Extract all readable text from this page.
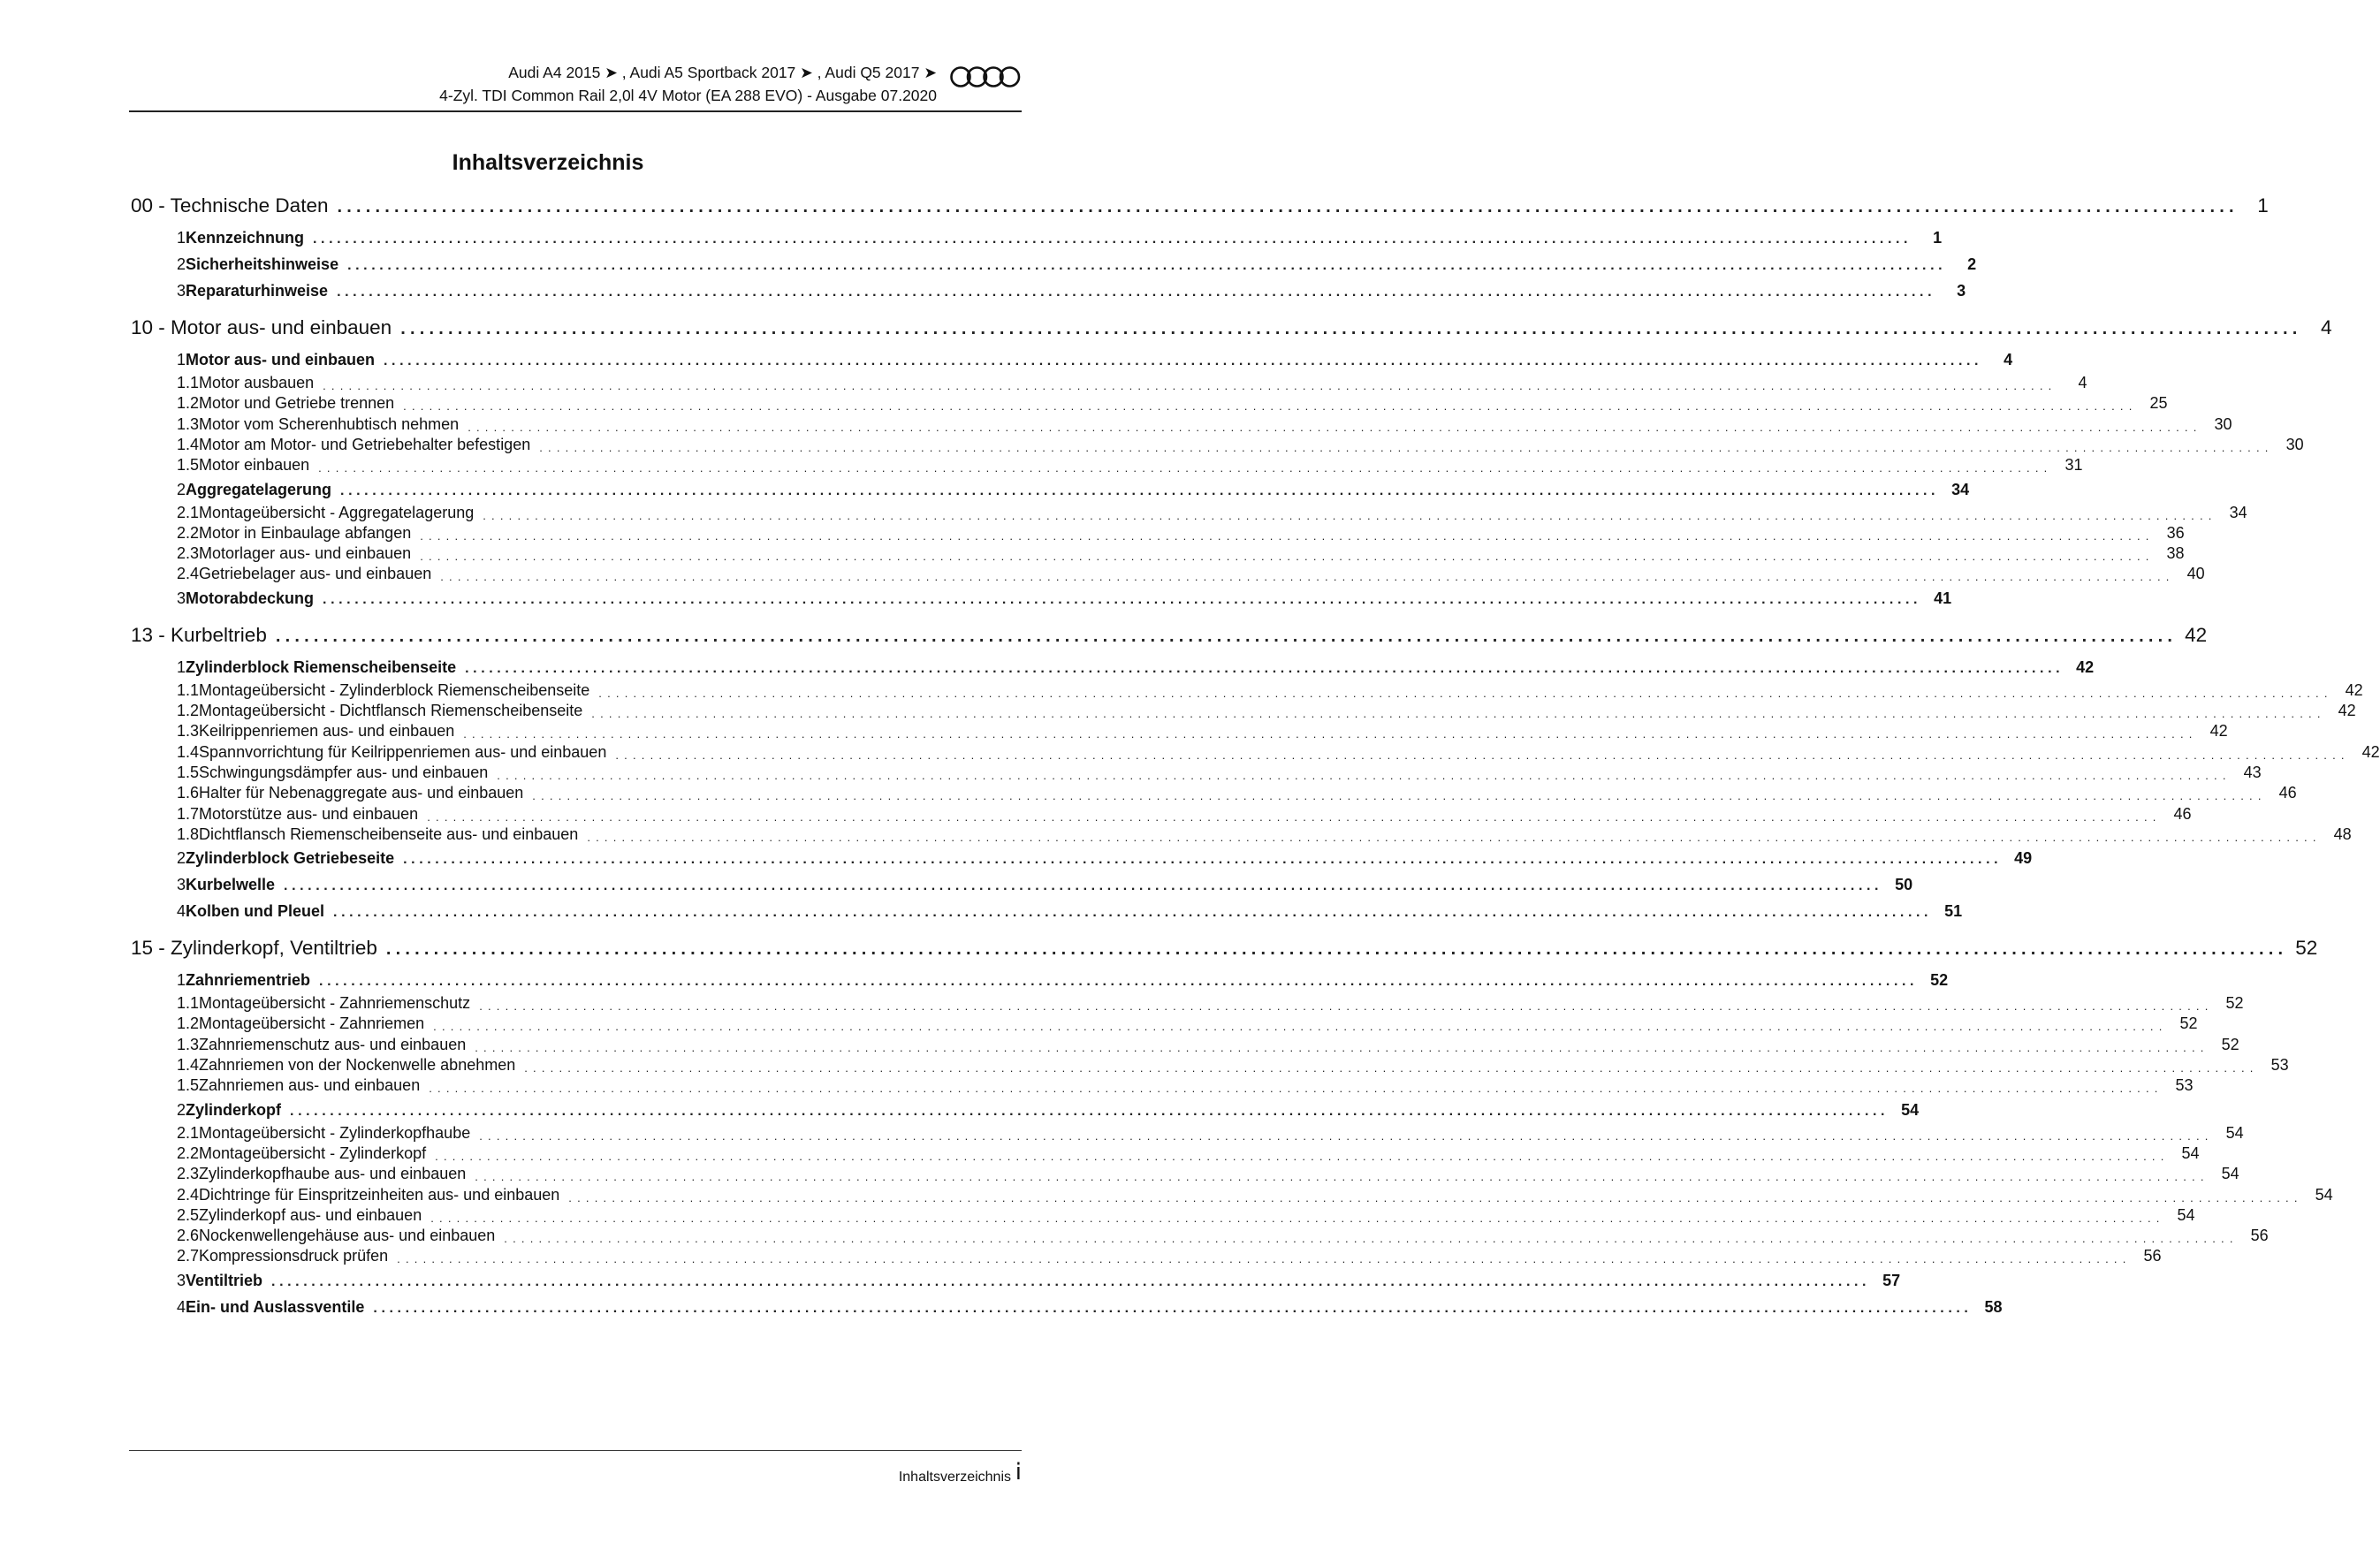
Audi A4 2015 ➤ , Audi A5 Sportback 2017 ➤ , Audi Q5 2017 ➤
4-Zyl. TDI Common Rail 2,0l 4V Motor (EA 288 EVO) - Ausgabe 07.2020
Inhaltsverzeichnis
00 - Technische Daten ........................................................................................................................................................................................................ 1
1 Kennzeichnung ........................................................................................................................................................................................................	1
2 Sicherheitshinweise ........................................................................................................................................................................................................	2
3 Reparaturhinweise ........................................................................................................................................................................................................	3
10 - Motor aus- und einbauen ........................................................................................................................................................................................................ 4
1 Motor aus- und einbauen ........................................................................................................................................................................................................	4
1.1 Motor ausbauen ........................................................................................................................................................................................................	4
1.2 Motor und Getriebe trennen ........................................................................................................................................................................................................ 25
1.3 Motor vom Scherenhubtisch nehmen ........................................................................................................................................................................................................ 30
1.4 Motor am Motor- und Getriebehalter befestigen ........................................................................................................................................................................................................ 30
1.5 Motor einbauen ........................................................................................................................................................................................................ 31
2 Aggregatelagerung ........................................................................................................................................................................................................ 34
2.1 Montageübersicht - Aggregatelagerung ........................................................................................................................................................................................................ 34
2.2 Motor in Einbaulage abfangen ........................................................................................................................................................................................................ 36
2.3 Motorlager aus- und einbauen ........................................................................................................................................................................................................ 38
2.4 Getriebelager aus- und einbauen ........................................................................................................................................................................................................ 40
3 Motorabdeckung ........................................................................................................................................................................................................ 41
13 - Kurbeltrieb ........................................................................................................................................................................................................ 42
1 Zylinderblock Riemenscheibenseite ........................................................................................................................................................................................................ 42
1.1 Montageübersicht - Zylinderblock Riemenscheibenseite ........................................................................................................................................................................................................ 42
1.2 Montageübersicht - Dichtflansch Riemenscheibenseite ........................................................................................................................................................................................................ 42
1.3 Keilrippenriemen aus- und einbauen ........................................................................................................................................................................................................ 42
1.4 Spannvorrichtung für Keilrippenriemen aus- und einbauen ........................................................................................................................................................................................................ 42
1.5 Schwingungsdämpfer aus- und einbauen ........................................................................................................................................................................................................ 43
1.6 Halter für Nebenaggregate aus- und einbauen ........................................................................................................................................................................................................ 46
1.7 Motorstütze aus- und einbauen ........................................................................................................................................................................................................ 46
1.8 Dichtflansch Riemenscheibenseite aus- und einbauen ........................................................................................................................................................................................................ 48
2 Zylinderblock Getriebeseite ........................................................................................................................................................................................................ 49
3 Kurbelwelle ........................................................................................................................................................................................................ 50
4 Kolben und Pleuel ........................................................................................................................................................................................................ 51
15 - Zylinderkopf, Ventiltrieb ........................................................................................................................................................................................................ 52
1 Zahnriementrieb ........................................................................................................................................................................................................ 52
1.1 Montageübersicht - Zahnriemenschutz ........................................................................................................................................................................................................ 52
1.2 Montageübersicht - Zahnriemen ........................................................................................................................................................................................................ 52
1.3 Zahnriemenschutz aus- und einbauen ........................................................................................................................................................................................................ 52
1.4 Zahnriemen von der Nockenwelle abnehmen ........................................................................................................................................................................................................ 53
1.5 Zahnriemen aus- und einbauen ........................................................................................................................................................................................................ 53
2 Zylinderkopf ........................................................................................................................................................................................................ 54
2.1 Montageübersicht - Zylinderkopfhaube ........................................................................................................................................................................................................ 54
2.2 Montageübersicht - Zylinderkopf ........................................................................................................................................................................................................ 54
2.3 Zylinderkopfhaube aus- und einbauen ........................................................................................................................................................................................................ 54
2.4 Dichtringe für Einspritzeinheiten aus- und einbauen ........................................................................................................................................................................................................ 54
2.5 Zylinderkopf aus- und einbauen ........................................................................................................................................................................................................ 54
2.6 Nockenwellengehäuse aus- und einbauen ........................................................................................................................................................................................................ 56
2.7 Kompressionsdruck prüfen ........................................................................................................................................................................................................ 56
3 Ventiltrieb ........................................................................................................................................................................................................ 57
4 Ein- und Auslassventile ........................................................................................................................................................................................................ 58
Inhaltsverzeichnis i
